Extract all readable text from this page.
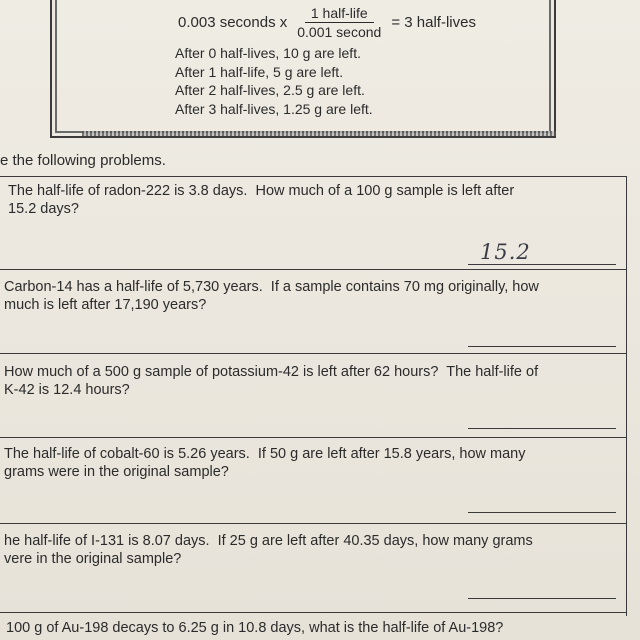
0.003 seconds x $\frac{\text{1 half-life}}{\text{0.001 second}} = 3$ half-lives
After 0 half-lives, 10 g are left.
After 1 half-life, 5 g are left.
After 2 half-lives, 2.5 g are left.
After 3 half-lives, 1.25 g are left.
e the following problems.
The half-life of radon-222 is 3.8 days.  How much of a 100 g sample is left after
15.2 days?
15.2
Carbon-14 has a half-life of 5,730 years.  If a sample contains 70 mg originally, how
much is left after 17,190 years?
How much of a 500 g sample of potassium-42 is left after 62 hours?  The half-life of
K-42 is 12.4 hours?
The half-life of cobalt-60 is 5.26 years.  If 50 g are left after 15.8 years, how many
grams were in the original sample?
he half-life of I-131 is 8.07 days.  If 25 g are left after 40.35 days, how many grams
vere in the original sample?
100 g of Au-198 decays to 6.25 g in 10.8 days, what is the half-life of Au-198?
